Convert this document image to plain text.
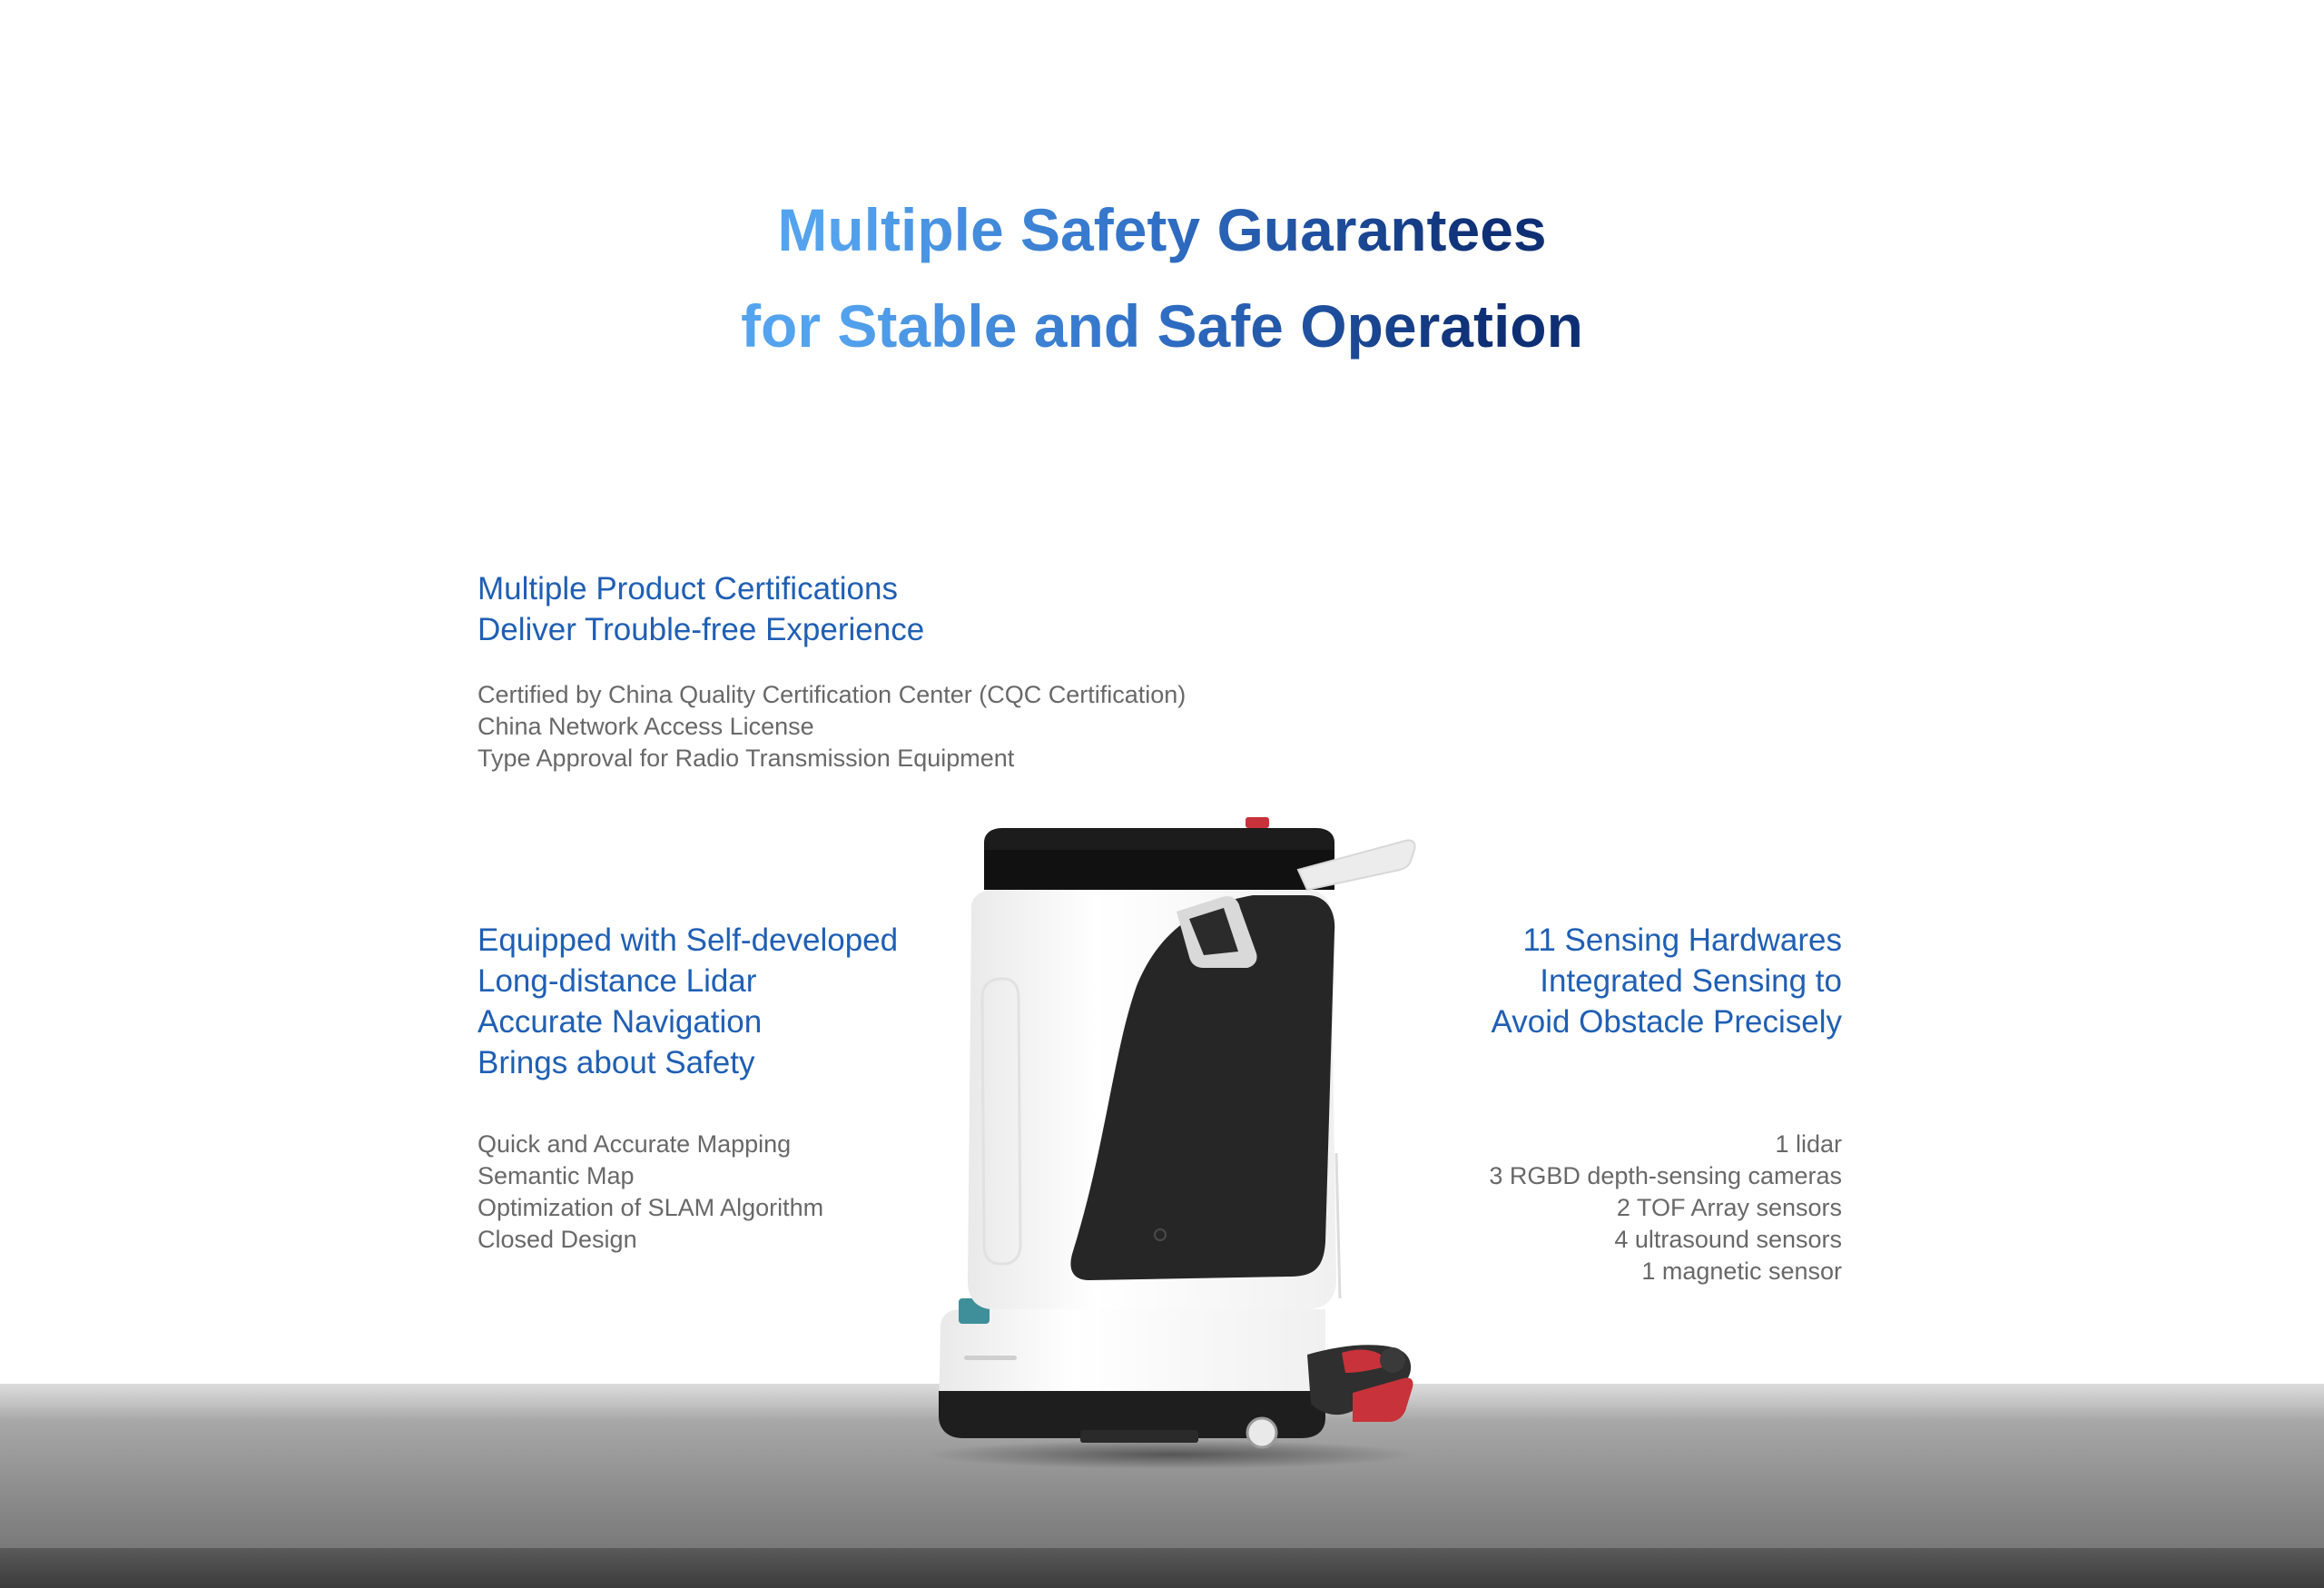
Multiple Safety Guarantees
for Stable and Safe Operation
Multiple Product Certifications
Deliver Trouble-free Experience
Certified by China Quality Certification Center (CQC Certification)
China Network Access License
Type Approval for Radio Transmission Equipment
Equipped with Self-developed
Long-distance Lidar
Accurate Navigation
Brings about Safety
Quick and Accurate Mapping
Semantic Map
Optimization of SLAM Algorithm
Closed Design
11 Sensing Hardwares
Integrated Sensing to
Avoid Obstacle Precisely
1 lidar
3 RGBD depth-sensing cameras
2 TOF Array sensors
4 ultrasound sensors
1 magnetic sensor
